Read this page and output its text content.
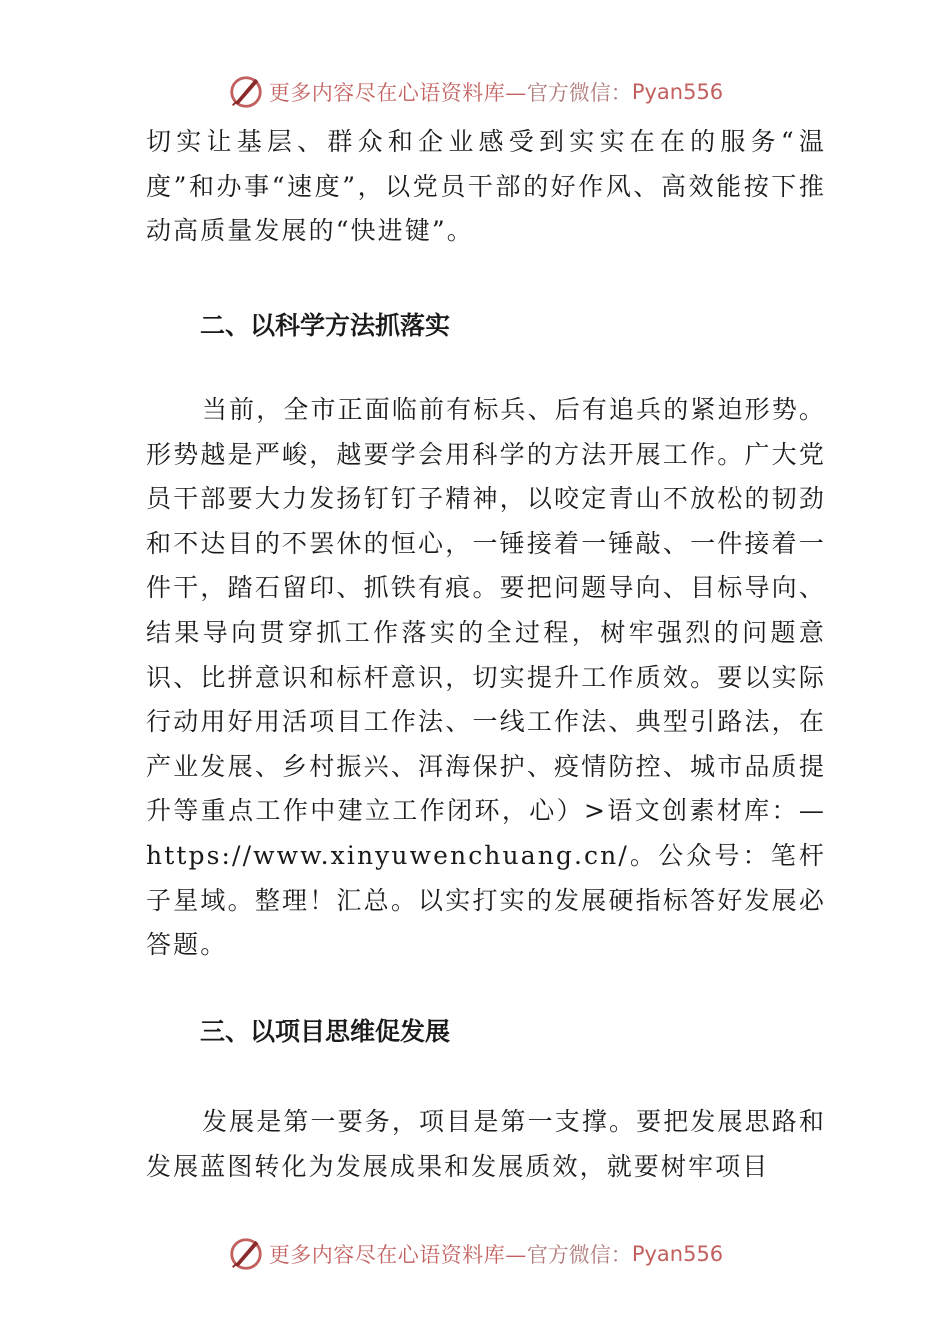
更多内容尽在心语资料库— 官方微信： Pyan556

切实让基层、群众和企业感受到实实在在的服务“温度”和办事“速度”，以党员干部的好作风、高效能按下推动高质量发展的“快进键”。

二、以科学方法抓落实

当前，全市正面临前有标兵、后有追兵的紧迫形势。形势越是严峻，越要学会用科学的方法开展工作。广大党员干部要大力发扬钉钉子精神，以咬定青山不放松的韧劲和不达目的不罢休的恒心，一锤接着一锤敲、一件接着一件干，踏石留印、抓铁有痕。要把问题导向、目标导向、结果导向贯穿抓工作落实的全过程，树牢强烈的问题意识、比拼意识和标杆意识，切实提升工作质效。要以实际行动用好用活项目工作法、一线工作法、典型引路法，在产业发展、乡村振兴、洱海保护、疫情防控、城市品质提升等重点工作中建立工作闭环，心）>语文创素材库：—https://www.xinyuwenchuang.cn/。公众号：笔杆子星域。整理！汇总。以实打实的发展硬指标答好发展必答题。

三、以项目思维促发展

发展是第一要务，项目是第一支撑。要把发展思路和发展蓝图转化为发展成果和发展质效，就要树牢项目

更多内容尽在心语资料库— 官方微信： Pyan556
